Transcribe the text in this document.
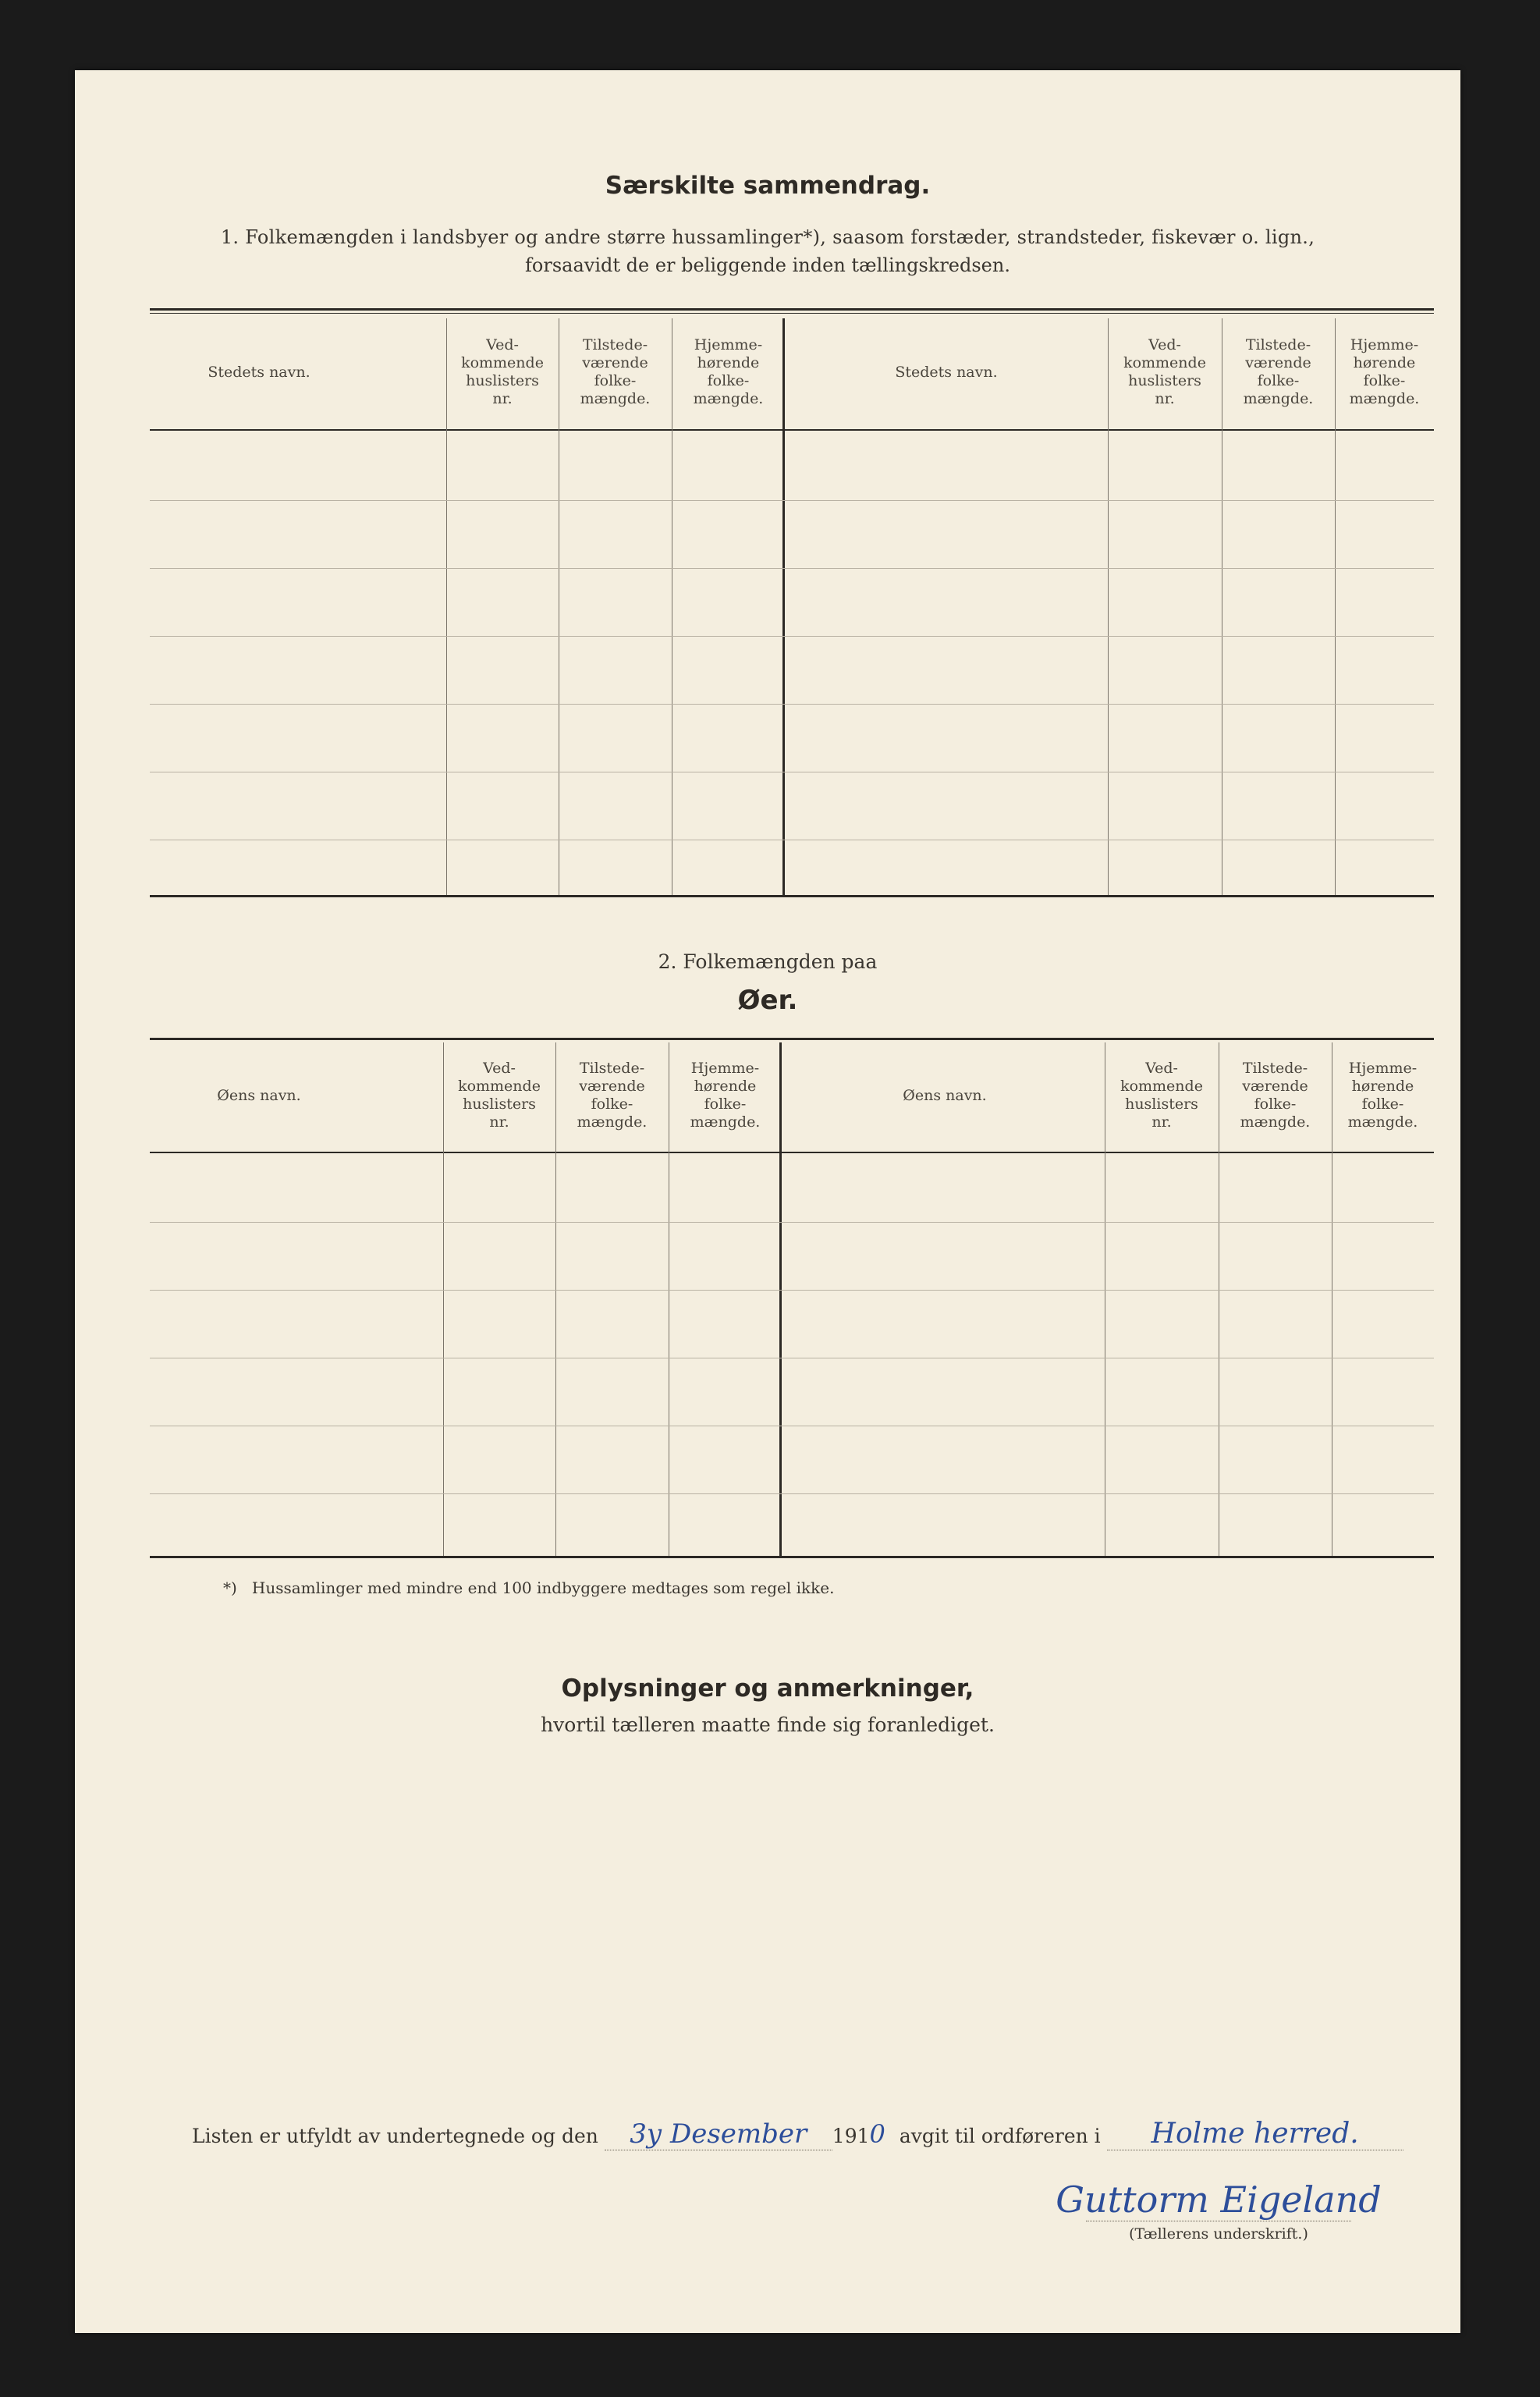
Særskilte sammendrag.
1. Folkemængden i landsbyer og andre større hussamlinger*), saasom forstæder, strandsteder, fiskevær o. lign.,
forsaavidt de er beliggende inden tællingskredsen.
Stedets navn.
Ved-
kommende
huslisters
nr.
Tilstede-
værende
folke-
mængde.
Hjemme-
hørende
folke-
mængde.
Stedets navn.
Ved-
kommende
huslisters
nr.
Tilstede-
værende
folke-
mængde.
Hjemme-
hørende
folke-
mængde.
2. Folkemængden paa
Øer.
Øens navn.
Ved-
kommende
huslisters
nr.
Tilstede-
værende
folke-
mængde.
Hjemme-
hørende
folke-
mængde.
Øens navn.
Ved-
kommende
huslisters
nr.
Tilstede-
værende
folke-
mængde.
Hjemme-
hørende
folke-
mængde.
*)   Hussamlinger med mindre end 100 indbyggere medtages som regel ikke.
Oplysninger og anmerkninger,
hvortil tælleren maatte finde sig foranlediget.
Listen er utfyldt av undertegnede og den 3y Desember 1910 avgit til ordføreren i Holme herred.
Guttorm Eigeland
(Tællerens underskrift.)
